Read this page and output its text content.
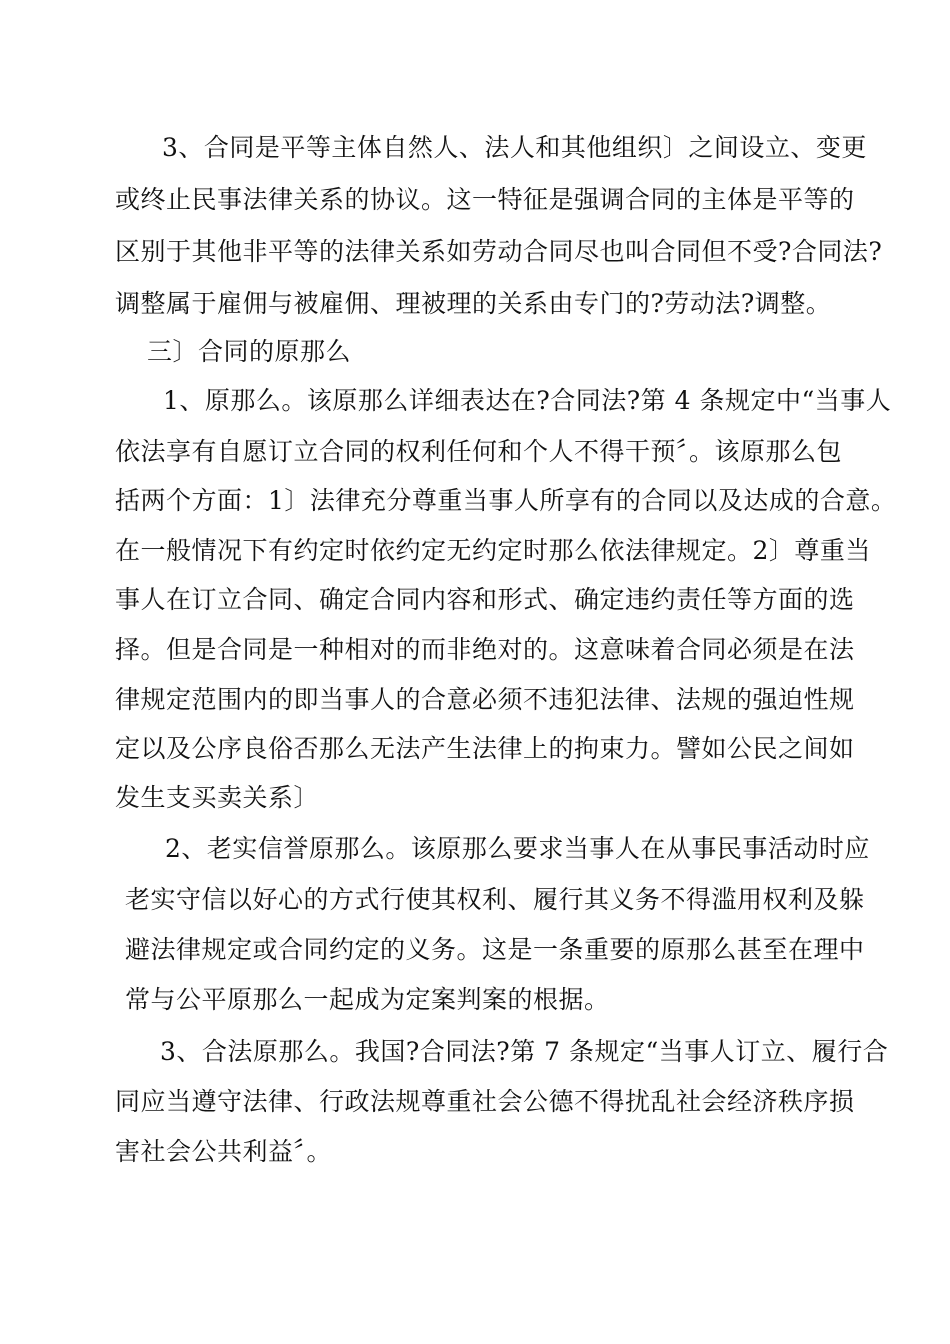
3、合同是平等主体自然人、法人和其他组织〕之间设立、变更
或终止民事法律关系的协议。这一特征是强调合同的主体是平等的
区别于其他非平等的法律关系如劳动合同尽也叫合同但不受?合同法?
调整属于雇佣与被雇佣、理被理的关系由专门的?劳动法?调整。
三〕合同的原那么
1、原那么。该原那么详细表达在?合同法?第 4 条规定中“当事人
依法享有自愿订立合同的权利任何和个人不得干预〞。该原那么包
括两个方面：1〕法律充分尊重当事人所享有的合同以及达成的合意。
在一般情况下有约定时依约定无约定时那么依法律规定。2〕尊重当
事人在订立合同、确定合同内容和形式、确定违约责任等方面的选
择。但是合同是一种相对的而非绝对的。这意味着合同必须是在法
律规定范围内的即当事人的合意必须不违犯法律、法规的强迫性规
定以及公序良俗否那么无法产生法律上的拘束力。譬如公民之间如
发生支买卖关系〕
2、老实信誉原那么。该原那么要求当事人在从事民事活动时应
老实守信以好心的方式行使其权利、履行其义务不得滥用权利及躲
避法律规定或合同约定的义务。这是一条重要的原那么甚至在理中
常与公平原那么一起成为定案判案的根据。
3、合法原那么。我国?合同法?第 7 条规定“当事人订立、履行合
同应当遵守法律、行政法规尊重社会公德不得扰乱社会经济秩序损
害社会公共利益〞。
